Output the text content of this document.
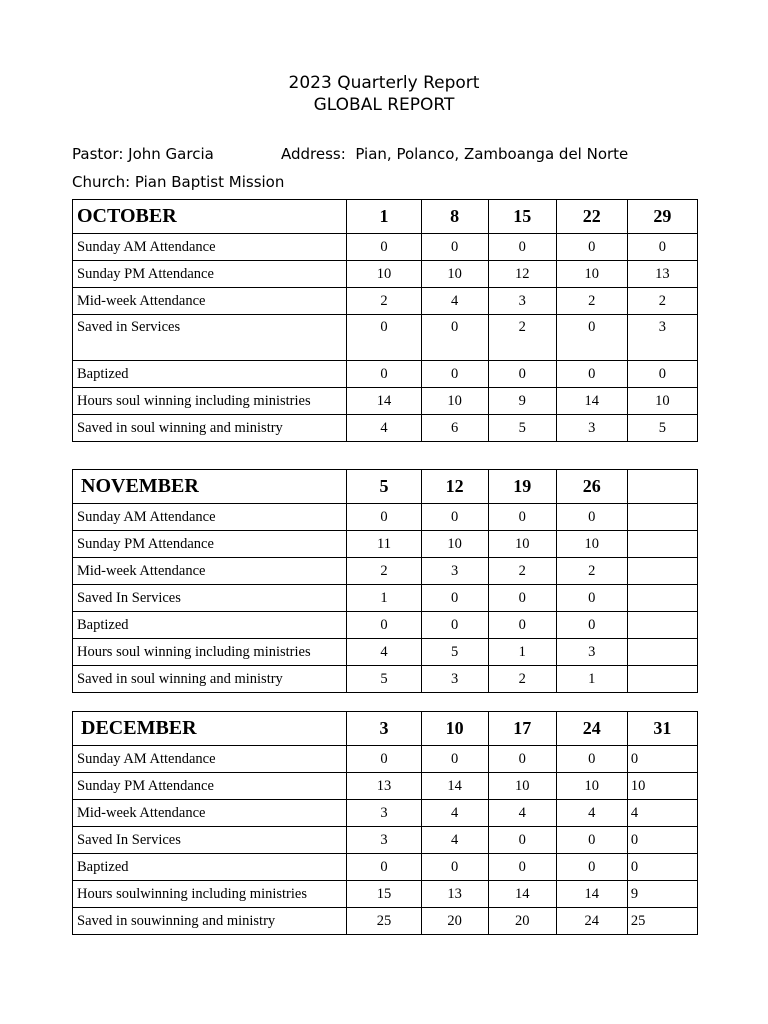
2023 Quarterly Report
GLOBAL REPORT
Pastor: John Garcia	Address:  Pian, Polanco, Zamboanga del Norte
Church: Pian Baptist Mission
OCTOBER	1	8	15	22	29
Sunday AM Attendance	0	0	0	0	0
Sunday PM Attendance	10	10	12	10	13
Mid-week Attendance	2	4	3	2	2
Saved in Services	0	0	2	0	3
Baptized	0	0	0	0	0
Hours soul winning including ministries	14	10	9	14	10
Saved in soul winning and ministry	4	6	5	3	5
NOVEMBER	5	12	19	26	
Sunday AM Attendance	0	0	0	0	
Sunday PM Attendance	11	10	10	10	
Mid-week Attendance	2	3	2	2	
Saved In Services	1	0	0	0	
Baptized	0	0	0	0	
Hours soul winning including ministries	4	5	1	3	
Saved in soul winning and ministry	5	3	2	1	
DECEMBER	3	10	17	24	31
Sunday AM Attendance	0	0	0	0	0
Sunday PM Attendance	13	14	10	10	10
Mid-week Attendance	3	4	4	4	4
Saved In Services	3	4	0	0	0
Baptized	0	0	0	0	0
Hours soulwinning including ministries	15	13	14	14	9
Saved in souwinning and ministry	25	20	20	24	25
